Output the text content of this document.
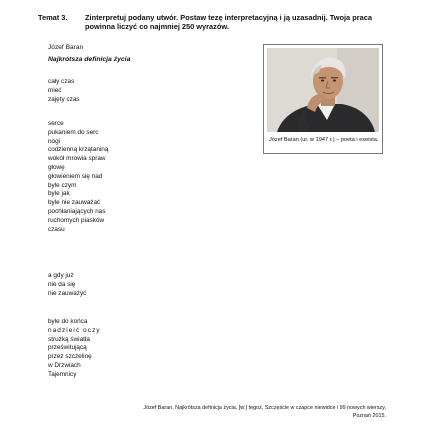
Temat 3.	Zinterpretuj podany utwór. Postaw tezę interpretacyjną i ją uzasadnij. Twoja praca powinna liczyć co najmniej 250 wyrazów.
Józef Baran
Najkrótsza definicja życia
cały czas
mieć
zajęty czas
serce
pukaniem do serc
nogi
codzienną krzątaniną
wokół mrowia spraw
głowę
głowieniem się nad
byle czym
byle jak
byle nie zauważać
pochłaniających nas
ruchomych piasków
czasu
a gdy już
nie da się
nie zauważyć
byle do końca
nadzieić oczy
strużką światła
prześwitującą
przez szczelinę
w Drzwiach
Tajemnicy
Józef Baran (ur. w 1947 r.) – poeta i eseista.
Józef Baran, Najkrótsza definicja życia, [w:] tegoż, Szczęście w czapce niewidce i 99 nowych wierszy,
Poznań 2015.
